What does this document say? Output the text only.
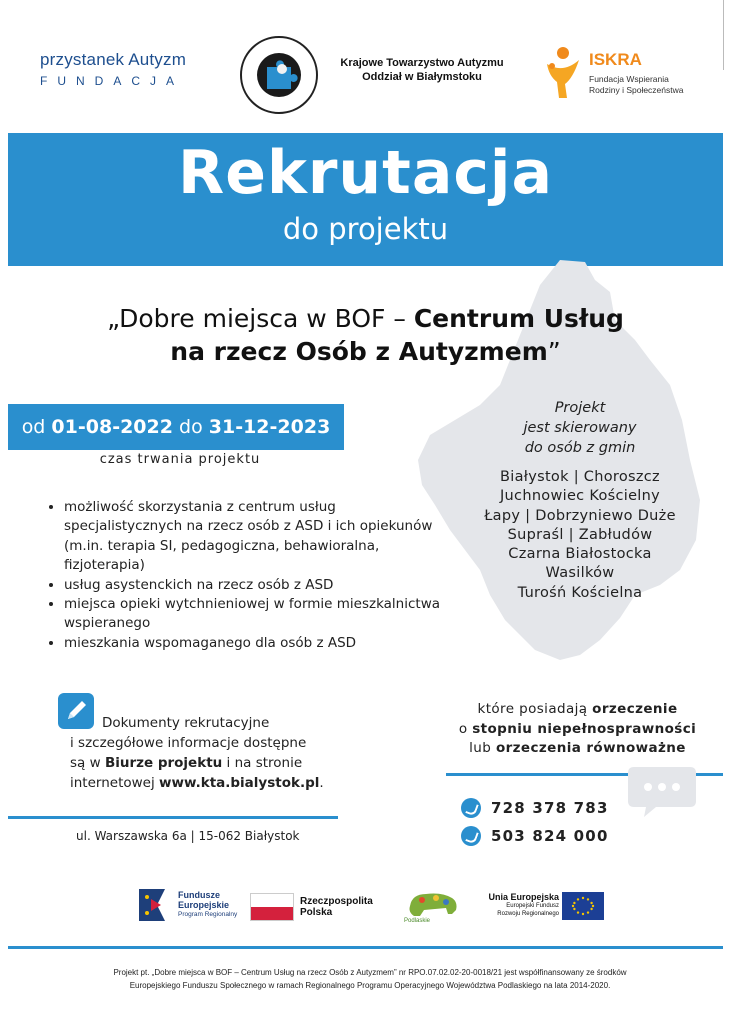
przystanek Autyzm
FUNDACJA
Krajowe Towarzystwo Autyzmu
Oddział w Białymstoku
ISKRA
Fundacja Wspierania
Rodziny i Społeczeństwa
Rekrutacja
do projektu
„Dobre miejsca w BOF – Centrum Usług
na rzecz Osób z Autyzmem”
od 01-08-2022 do 31-12-2023
czas trwania projektu
Projekt
jest skierowany
do osób z gmin
Białystok | Choroszcz
Juchnowiec Kościelny
Łapy | Dobrzyniewo Duże
Supraśl | Zabłudów
Czarna Białostocka
Wasilków
Turośń Kościelna
• możliwość skorzystania z centrum usług specjalistycznych na rzecz osób z ASD i ich opiekunów (m.in. terapia SI, pedagogiczna, behawioralna, fizjoterapia)
• usług asystenckich na rzecz osób z ASD
• miejsca opieki wytchnieniowej w formie mieszkalnictwa wspieranego
• mieszkania wspomaganego dla osób z ASD
Dokumenty rekrutacyjne
i szczegółowe informacje dostępne
są w Biurze projektu i na stronie
internetowej www.kta.bialystok.pl.
ul. Warszawska 6a | 15-062 Białystok
które posiadają orzeczenie
o stopniu niepełnosprawności
lub orzeczenia równoważne
728 378 783
503 824 000
Fundusze
Europejskie
Program Regionalny
Rzeczpospolita
Polska
Podlaskie
Unia Europejska
Europejski Fundusz
Rozwoju Regionalnego
Projekt pt. „Dobre miejsca w BOF – Centrum Usług na rzecz Osób z Autyzmem” nr RPO.07.02.02-20-0018/21 jest współfinansowany ze środków
Europejskiego Funduszu Społecznego w ramach Regionalnego Programu Operacyjnego Województwa Podlaskiego na lata 2014-2020.
